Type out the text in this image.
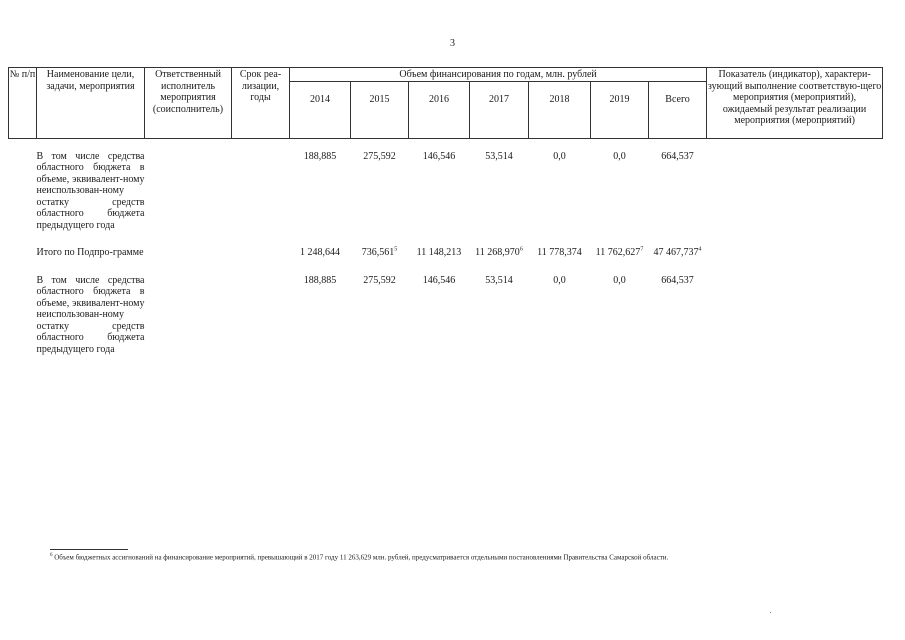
3
№ п/п	Наименование цели, задачи, мероприятия	Ответственный исполнитель мероприятия (соисполнитель)	Срок реа-лизации, годы	Объем финансирования по годам, млн. рублей							Показатель (индикатор), характери-зующий выполнение соответствую-щего мероприятия (мероприятий), ожидаемый результат реализации мероприятия (мероприятий)
				2014	2015	2016	2017	2018	2019	Всего	
	В том числе средства областного бюджета в объеме, эквивалент-ному неиспользован-ному остатку средств областного бюджета предыдущего года			188,885	275,592	146,546	53,514	0,0	0,0	664,537	
	Итого по Подпро-грамме			1 248,644	736,561$^5$	11 148,213	11 268,970$^6$	11 778,374	11 762,627$^7$	47 467,737$^4$	
	В том числе средства областного бюджета в объеме, эквивалент-ному неиспользован-ному остатку средств областного бюджета предыдущего года			188,885	275,592	146,546	53,514	0,0	0,0	664,537	
$^6$ Объем бюджетных ассигнований на финансирование мероприятий, превышающий в 2017 году 11 263,629 млн. рублей, предусматривается отдельными постановлениями Правительства Самарской области.
